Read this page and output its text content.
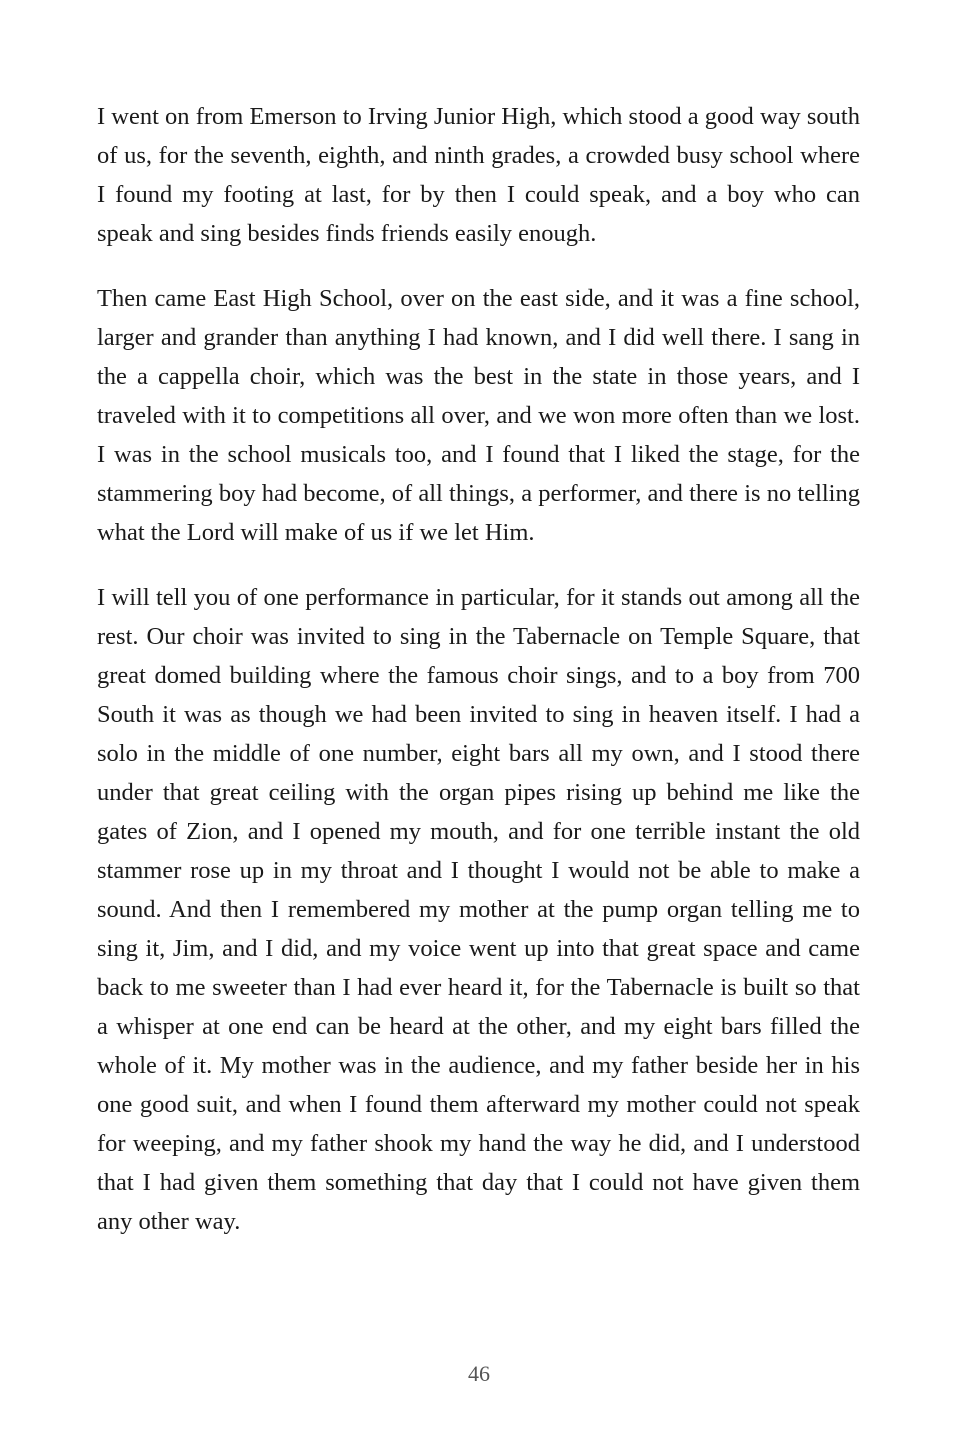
I went on from Emerson to Irving Junior High, which stood a good way south of us, for the seventh, eighth, and ninth grades, a crowded busy school where I found my footing at last, for by then I could speak, and a boy who can speak and sing besides finds friends easily enough.

Then came East High School, over on the east side, and it was a fine school, larger and grander than anything I had known, and I did well there. I sang in the a cappella choir, which was the best in the state in those years, and I traveled with it to competitions all over, and we won more often than we lost. I was in the school musicals too, and I found that I liked the stage, for the stammering boy had become, of all things, a performer, and there is no telling what the Lord will make of us if we let Him.

I will tell you of one performance in particular, for it stands out among all the rest. Our choir was invited to sing in the Tabernacle on Temple Square, that great domed building where the famous choir sings, and to a boy from 700 South it was as though we had been invited to sing in heaven itself. I had a solo in the middle of one number, eight bars all my own, and I stood there under that great ceiling with the organ pipes rising up behind me like the gates of Zion, and I opened my mouth, and for one terrible instant the old stammer rose up in my throat and I thought I would not be able to make a sound. And then I remembered my mother at the pump organ telling me to sing it, Jim, and I did, and my voice went up into that great space and came back to me sweeter than I had ever heard it, for the Tabernacle is built so that a whisper at one end can be heard at the other, and my eight bars filled the whole of it. My mother was in the audience, and my father beside her in his one good suit, and when I found them afterward my mother could not speak for weeping, and my father shook my hand the way he did, and I understood that I had given them something that day that I could not have given them any other way.

46
